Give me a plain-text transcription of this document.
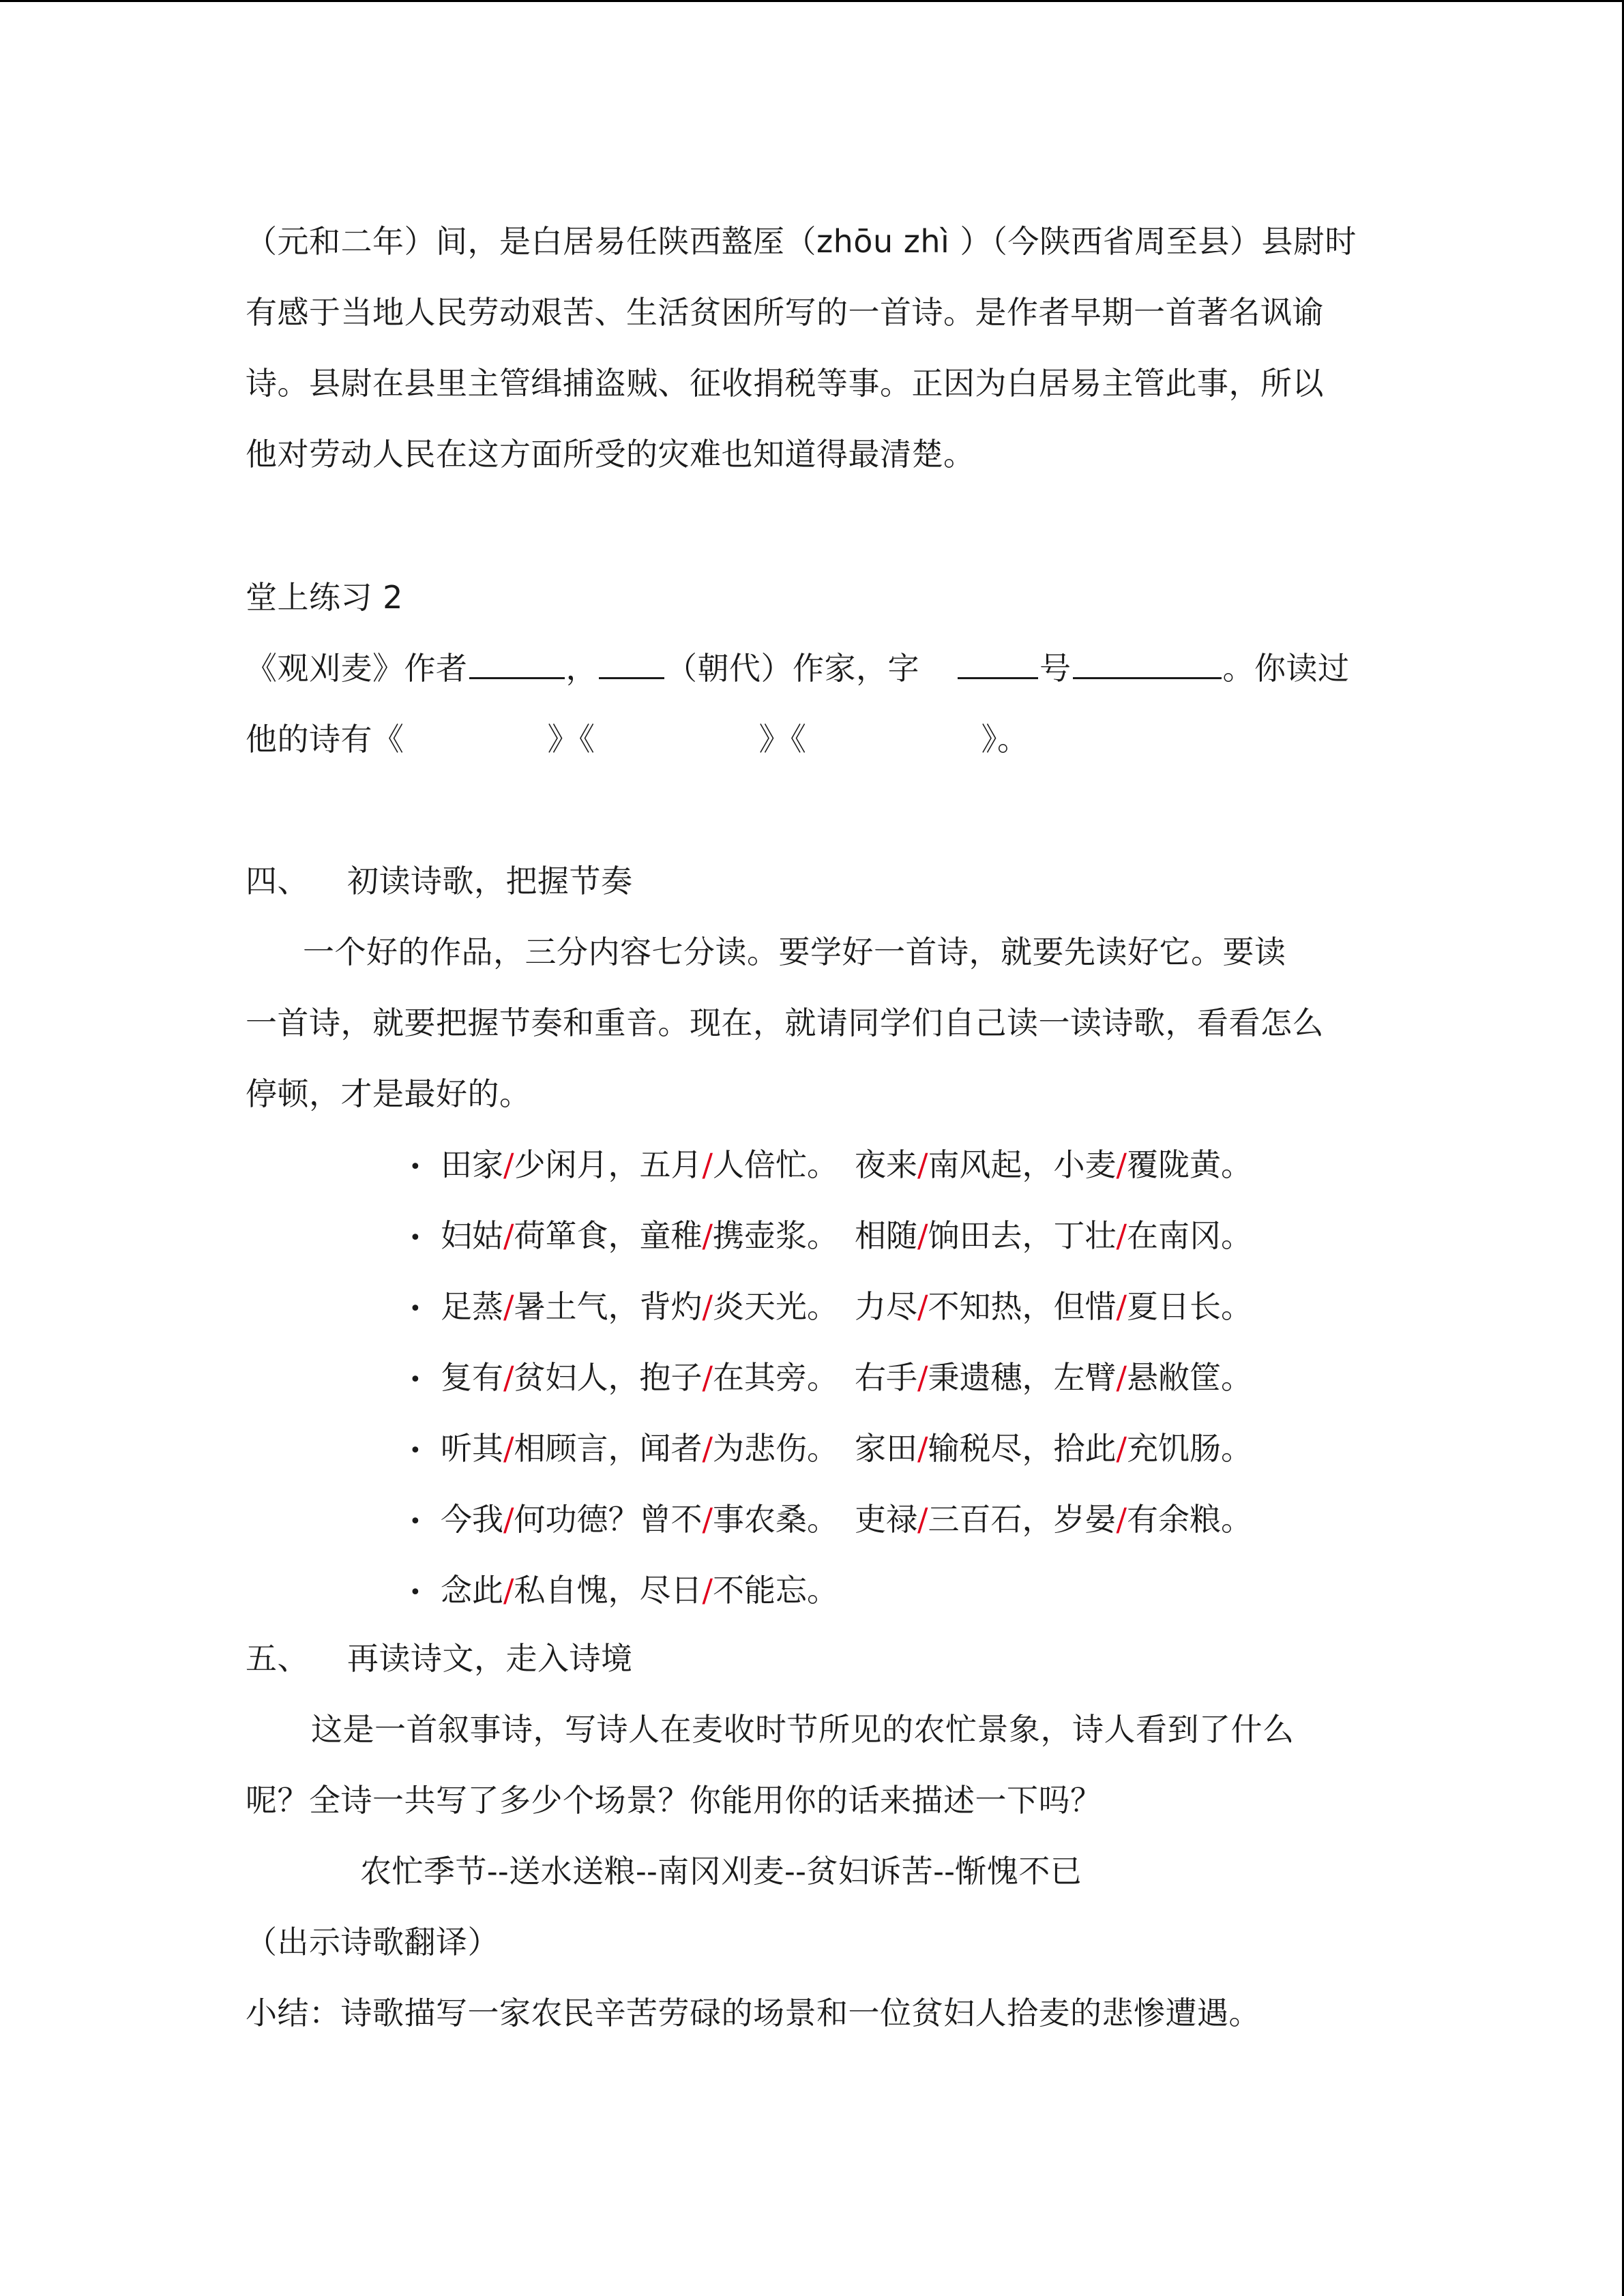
（元和二年）间，是白居易任陕西盩厔（zhōu zhì ）（今陕西省周至县）县尉时
有感于当地人民劳动艰苦、生活贫困所写的一首诗。是作者早期一首著名讽谕
诗。县尉在县里主管缉捕盗贼、征收捐税等事。正因为白居易主管此事，所以
他对劳动人民在这方面所受的灾难也知道得最清楚。
堂上练习 2
《观刈麦》作者	， （朝代）作家，字	号	。你读过
他的诗有《	》《	》《	》。
四、 初读诗歌，把握节奏
一个好的作品，三分内容七分读。要学好一首诗，就要先读好它。要读
一首诗，就要把握节奏和重音。现在，就请同学们自己读一读诗歌，看看怎么
停顿，才是最好的。
• 田家/少闲月，五月/人倍忙。 夜来/南风起，小麦/覆陇黄。
• 妇姑/荷箪食，童稚/携壶浆。 相随/饷田去，丁壮/在南冈。
• 足蒸/暑土气，背灼/炎天光。 力尽/不知热，但惜/夏日长。
• 复有/贫妇人，抱子/在其旁。 右手/秉遗穗，左臂/悬敝筐。
• 听其/相顾言，闻者/为悲伤。 家田/输税尽，拾此/充饥肠。
• 今我/何功德？曾不/事农桑。 吏禄/三百石，岁晏/有余粮。
• 念此/私自愧，尽日/不能忘。
五、 再读诗文，走入诗境
这是一首叙事诗，写诗人在麦收时节所见的农忙景象，诗人看到了什么
呢？全诗一共写了多少个场景？你能用你的话来描述一下吗？
农忙季节--送水送粮--南冈刈麦--贫妇诉苦--惭愧不已
（出示诗歌翻译）
小结：诗歌描写一家农民辛苦劳碌的场景和一位贫妇人拾麦的悲惨遭遇。
